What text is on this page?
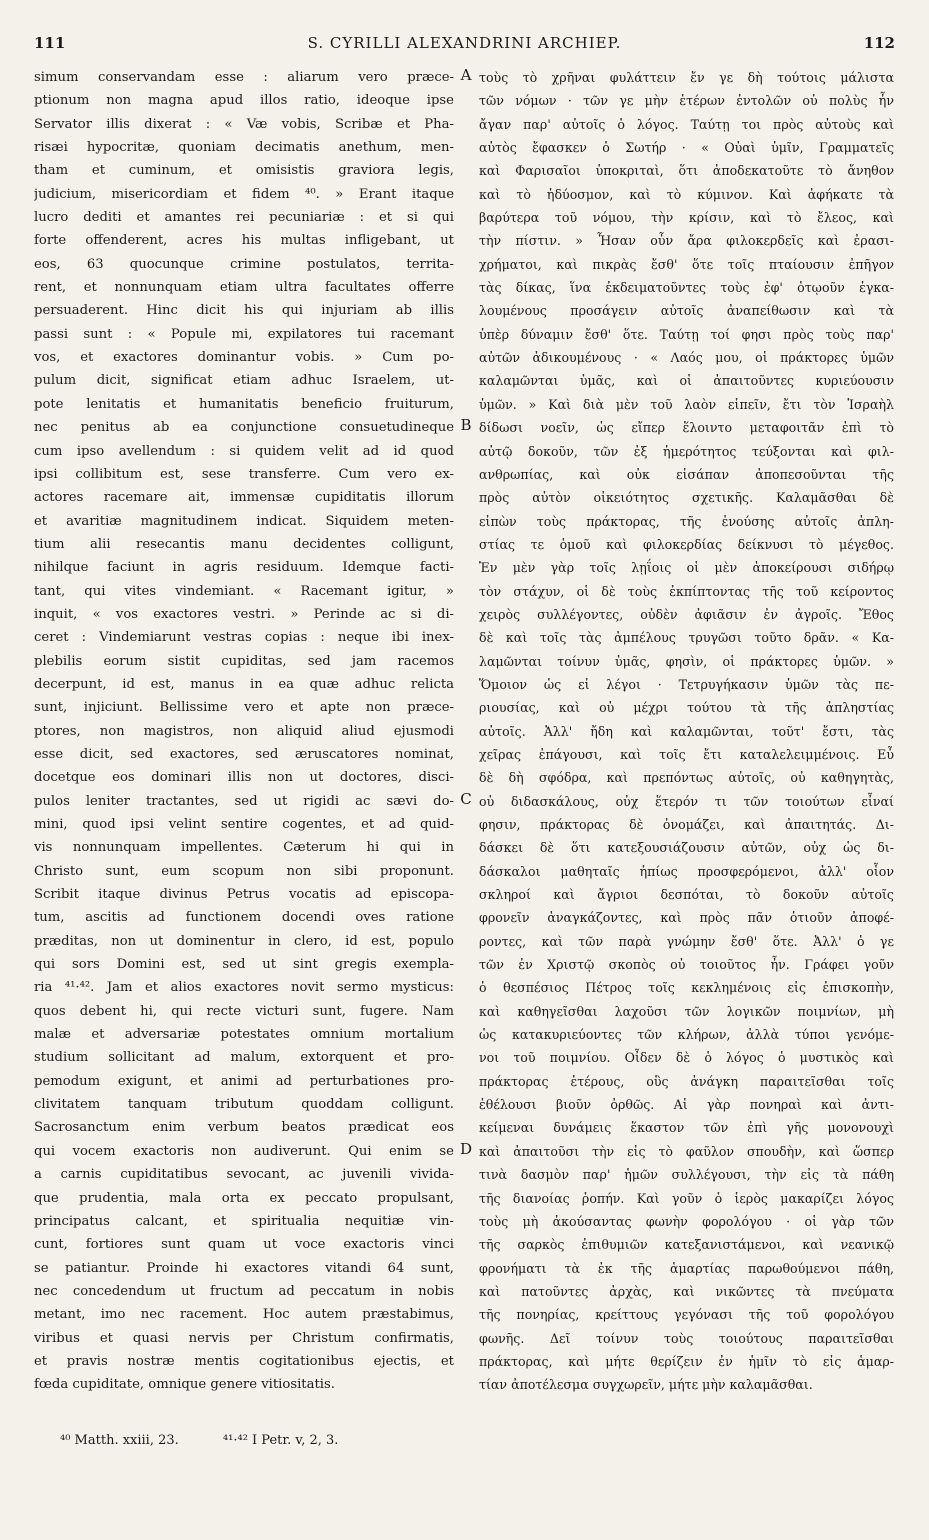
111	S. CYRILLI ALEXANDRINI ARCHIEP.	112

simum conservandam esse : aliarum vero præce-

ptionum non magna apud illos ratio, ideoque ipse

Servator illis dixerat : « Væ vobis, Scribæ et Pha-

risæi hypocritæ, quoniam decimatis anethum, men-

tham et cuminum, et omisistis graviora legis,

judicium, misericordiam et fidem ⁴⁰. » Erant itaque

lucro dediti et amantes rei pecuniariæ : et si qui

forte offenderent, acres his multas infligebant, ut

eos, 63 quocunque crimine postulatos, territa-

rent, et nonnunquam etiam ultra facultates offerre

persuaderent. Hinc dicit his qui injuriam ab illis

passi sunt : « Popule mi, expilatores tui racemant

vos, et exactores dominantur vobis. » Cum po-

pulum dicit, significat etiam adhuc Israelem, ut-

pote lenitatis et humanitatis beneficio fruiturum,

nec penitus ab ea conjunctione consuetudineque

cum ipso avellendum : si quidem velit ad id quod

ipsi collibitum est, sese transferre. Cum vero ex-

actores racemare ait, immensæ cupiditatis illorum

et avaritiæ magnitudinem indicat. Siquidem meten-

tium alii resecantis manu decidentes colligunt,

nihilque faciunt in agris residuum. Idemque facti-

tant, qui vites vindemiant. « Racemant igitur, »

inquit, « vos exactores vestri. » Perinde ac si di-

ceret : Vindemiarunt vestras copias : neque ibi inex-

plebilis eorum sistit cupiditas, sed jam racemos

decerpunt, id est, manus in ea quæ adhuc relicta

sunt, injiciunt. Bellissime vero et apte non præce-

ptores, non magistros, non aliquid aliud ejusmodi

esse dicit, sed exactores, sed æruscatores nominat,

docetque eos dominari illis non ut doctores, disci-

pulos leniter tractantes, sed ut rigidi ac sævi do-

mini, quod ipsi velint sentire cogentes, et ad quid-

vis nonnunquam impellentes. Cæterum hi qui in

Christo sunt, eum scopum non sibi proponunt.

Scribit itaque divinus Petrus vocatis ad episcopa-

tum, ascitis ad functionem docendi oves ratione

præditas, non ut dominentur in clero, id est, populo

qui sors Domini est, sed ut sint gregis exempla-

ria ⁴¹·⁴². Jam et alios exactores novit sermo mysticus:

quos debent hi, qui recte victuri sunt, fugere. Nam

malæ et adversariæ potestates omnium mortalium

studium sollicitant ad malum, extorquent et pro-

pemodum exigunt, et animi ad perturbationes pro-

clivitatem tanquam tributum quoddam colligunt.

Sacrosanctum enim verbum beatos prædicat eos

qui vocem exactoris non audiverunt. Qui enim se

a carnis cupiditatibus sevocant, ac juvenili vivida-

que prudentia, mala orta ex peccato propulsant,

principatus calcant, et spiritualia nequitiæ vin-

cunt, fortiores sunt quam ut voce exactoris vinci

se patiantur. Proinde hi exactores vitandi 64 sunt,

nec concedendum ut fructum ad peccatum in nobis

metant, imo nec racement. Hoc autem præstabimus,

viribus et quasi nervis per Christum confirmatis,

et pravis nostræ mentis cogitationibus ejectis, et

fœda cupiditate, omnique genere vitiositatis.

A
B
C
D

τοὺς τὸ χρῆναι φυλάττειν ἔν γε δὴ τούτοις μάλιστα

τῶν νόμων · τῶν γε μὴν ἑτέρων ἐντολῶν οὐ πολὺς ἦν

ἄγαν παρ' αὐτοῖς ὁ λόγος. Ταύτῃ τοι πρὸς αὐτοὺς καὶ

αὐτὸς ἔφασκεν ὁ Σωτήρ · « Οὐαὶ ὑμῖν, Γραμματεῖς

καὶ Φαρισαῖοι ὑποκριταὶ, ὅτι ἀποδεκατοῦτε τὸ ἄνηθον

καὶ τὸ ἡδύοσμον, καὶ τὸ κύμινον. Καὶ ἀφήκατε τὰ

βαρύτερα τοῦ νόμου, τὴν κρίσιν, καὶ τὸ ἔλεος, καὶ

τὴν πίστιν. » Ἦσαν οὖν ἄρα φιλοκερδεῖς καὶ ἐρασι-

χρήματοι, καὶ πικρὰς ἔσθ' ὅτε τοῖς πταίουσιν ἐπῆγον

τὰς δίκας, ἵνα ἐκδειματοῦντες τοὺς ἐφ' ὁτῳοῦν ἐγκα-

λουμένους προσάγειν αὐτοῖς ἀναπείθωσιν καὶ τὰ

ὑπὲρ δύναμιν ἔσθ' ὅτε. Ταύτῃ τοί φησι πρὸς τοὺς παρ'

αὐτῶν ἀδικουμένους · « Λαός μου, οἱ πράκτορες ὑμῶν

καλαμῶνται ὑμᾶς, καὶ οἱ ἀπαιτοῦντες κυριεύουσιν

ὑμῶν. » Καὶ διὰ μὲν τοῦ λαὸν εἰπεῖν, ἔτι τὸν Ἰσραὴλ

δίδωσι νοεῖν, ὡς εἴπερ ἕλοιντο μεταφοιτᾶν ἐπὶ τὸ

αὐτῷ δοκοῦν, τῶν ἐξ ἡμερότητος τεύξονται καὶ φιλ-

ανθρωπίας, καὶ οὐκ εἰσάπαν ἀποπεσοῦνται τῆς

πρὸς αὐτὸν οἰκειότητος σχετικῆς. Καλαμᾶσθαι δὲ

εἰπὼν τοὺς πράκτορας, τῆς ἐνούσης αὐτοῖς ἀπλη-

στίας τε ὁμοῦ καὶ φιλοκερδίας δείκνυσι τὸ μέγεθος.

Ἐν μὲν γὰρ τοῖς λῃΐοις οἱ μὲν ἀποκείρουσι σιδήρῳ

τὸν στάχυν, οἱ δὲ τοὺς ἐκπίπτοντας τῆς τοῦ κείροντος

χειρὸς συλλέγοντες, οὐδὲν ἀφιᾶσιν ἐν ἀγροῖς. Ἔθος

δὲ καὶ τοῖς τὰς ἀμπέλους τρυγῶσι τοῦτο δρᾶν. « Κα-

λαμῶνται τοίνυν ὑμᾶς, φησὶν, οἱ πράκτορες ὑμῶν. »

Ὅμοιον ὡς εἰ λέγοι · Τετρυγήκασιν ὑμῶν τὰς πε-

ριουσίας, καὶ οὐ μέχρι τούτου τὰ τῆς ἀπληστίας

αὐτοῖς. Ἀλλ' ἤδη καὶ καλαμῶνται, τοῦτ' ἔστι, τὰς

χεῖρας ἐπάγουσι, καὶ τοῖς ἔτι καταλελειμμένοις. Εὖ

δὲ δὴ σφόδρα, καὶ πρεπόντως αὐτοῖς, οὐ καθηγητὰς,

οὐ διδασκάλους, οὐχ ἕτερόν τι τῶν τοιούτων εἶναί

φησιν, πράκτορας δὲ ὀνομάζει, καὶ ἀπαιτητάς. Δι-

δάσκει δὲ ὅτι κατεξουσιάζουσιν αὐτῶν, οὐχ ὡς δι-

δάσκαλοι μαθηταῖς ἠπίως προσφερόμενοι, ἀλλ' οἷον

σκληροί καὶ ἄγριοι δεσπόται, τὸ δοκοῦν αὐτοῖς

φρονεῖν ἀναγκάζοντες, καὶ πρὸς πᾶν ὁτιοῦν ἀποφέ-

ροντες, καὶ τῶν παρὰ γνώμην ἔσθ' ὅτε. Ἀλλ' ὁ γε

τῶν ἐν Χριστῷ σκοπὸς οὐ τοιοῦτος ἦν. Γράφει γοῦν

ὁ θεσπέσιος Πέτρος τοῖς κεκλημένοις εἰς ἐπισκοπὴν,

καὶ καθηγεῖσθαι λαχοῦσι τῶν λογικῶν ποιμνίων, μὴ

ὡς κατακυριεύοντες τῶν κλήρων, ἀλλὰ τύποι γενόμε-

νοι τοῦ ποιμνίου. Οἶδεν δὲ ὁ λόγος ὁ μυστικὸς καὶ

πράκτορας ἑτέρους, οὓς ἀνάγκη παραιτεῖσθαι τοῖς

ἐθέλουσι βιοῦν ὀρθῶς. Αἱ γὰρ πονηραὶ καὶ ἀντι-

κείμεναι δυνάμεις ἕκαστον τῶν ἐπὶ γῆς μονονουχὶ

καὶ ἀπαιτοῦσι τὴν εἰς τὸ φαῦλον σπουδὴν, καὶ ὥσπερ

τινὰ δασμὸν παρ' ἡμῶν συλλέγουσι, τὴν εἰς τὰ πάθη

τῆς διανοίας ῥοπήν. Καὶ γοῦν ὁ ἱερὸς μακαρίζει λόγος

τοὺς μὴ ἀκούσαντας φωνὴν φορολόγου · οἱ γὰρ τῶν

τῆς σαρκὸς ἐπιθυμιῶν κατεξανιστάμενοι, καὶ νεανικῷ

φρονήματι τὰ ἐκ τῆς ἁμαρτίας παρωθούμενοι πάθη,

καὶ πατοῦντες ἀρχὰς, καὶ νικῶντες τὰ πνεύματα

τῆς πονηρίας, κρείττους γεγόνασι τῆς τοῦ φορολόγου

φωνῆς. Δεῖ τοίνυν τοὺς τοιούτους παραιτεῖσθαι

πράκτορας, καὶ μήτε θερίζειν ἐν ἡμῖν τὸ εἰς ἁμαρ-

τίαν ἀποτέλεσμα συγχωρεῖν, μήτε μὴν καλαμᾶσθαι.

⁴⁰ Matth. xxiii, 23.	⁴¹·⁴² I Petr. v, 2, 3.
